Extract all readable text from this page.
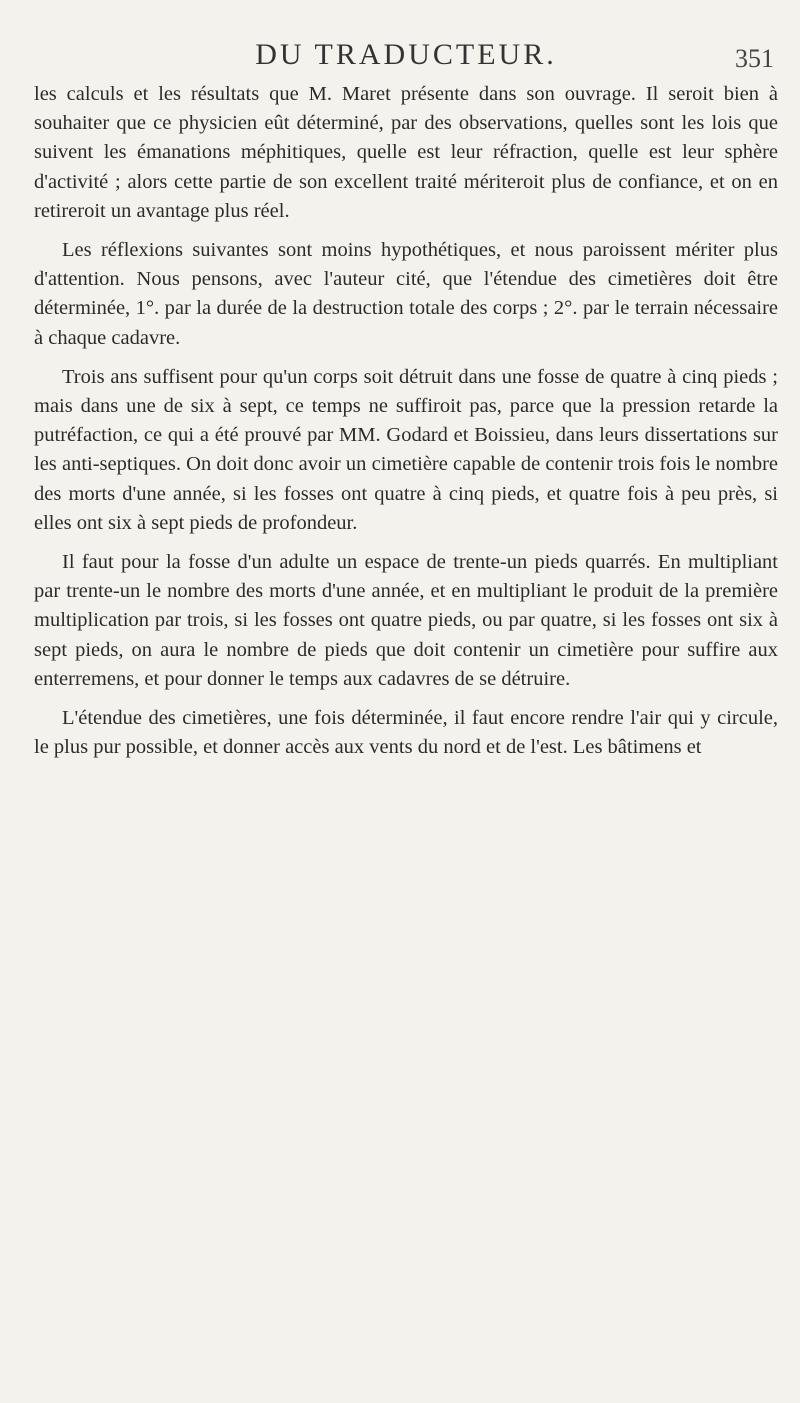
DU TRADUCTEUR.	351

les calculs et les résultats que M. Maret présente dans son ouvrage. Il seroit bien à souhaiter que ce physicien eût déterminé, par des observations, quelles sont les lois que suivent les émanations méphitiques, quelle est leur réfraction, quelle est leur sphère d'activité ; alors cette partie de son excellent traité mériteroit plus de confiance, et on en retireroit un avantage plus réel.

Les réflexions suivantes sont moins hypothétiques, et nous paroissent mériter plus d'attention. Nous pensons, avec l'auteur cité, que l'étendue des cimetières doit être déterminée, 1°. par la durée de la destruction totale des corps ; 2°. par le terrain nécessaire à chaque cadavre.

Trois ans suffisent pour qu'un corps soit détruit dans une fosse de quatre à cinq pieds ; mais dans une de six à sept, ce temps ne suffiroit pas, parce que la pression retarde la putréfaction, ce qui a été prouvé par MM. Godard et Boissieu, dans leurs dissertations sur les anti-septiques. On doit donc avoir un cimetière capable de contenir trois fois le nombre des morts d'une année, si les fosses ont quatre à cinq pieds, et quatre fois à peu près, si elles ont six à sept pieds de profondeur.

Il faut pour la fosse d'un adulte un espace de trente-un pieds quarrés. En multipliant par trente-un le nombre des morts d'une année, et en multipliant le produit de la première multiplication par trois, si les fosses ont quatre pieds, ou par quatre, si les fosses ont six à sept pieds, on aura le nombre de pieds que doit contenir un cimetière pour suffire aux enterremens, et pour donner le temps aux cadavres de se détruire.

L'étendue des cimetières, une fois déterminée, il faut encore rendre l'air qui y circule, le plus pur possible, et donner accès aux vents du nord et de l'est. Les bâtimens et
